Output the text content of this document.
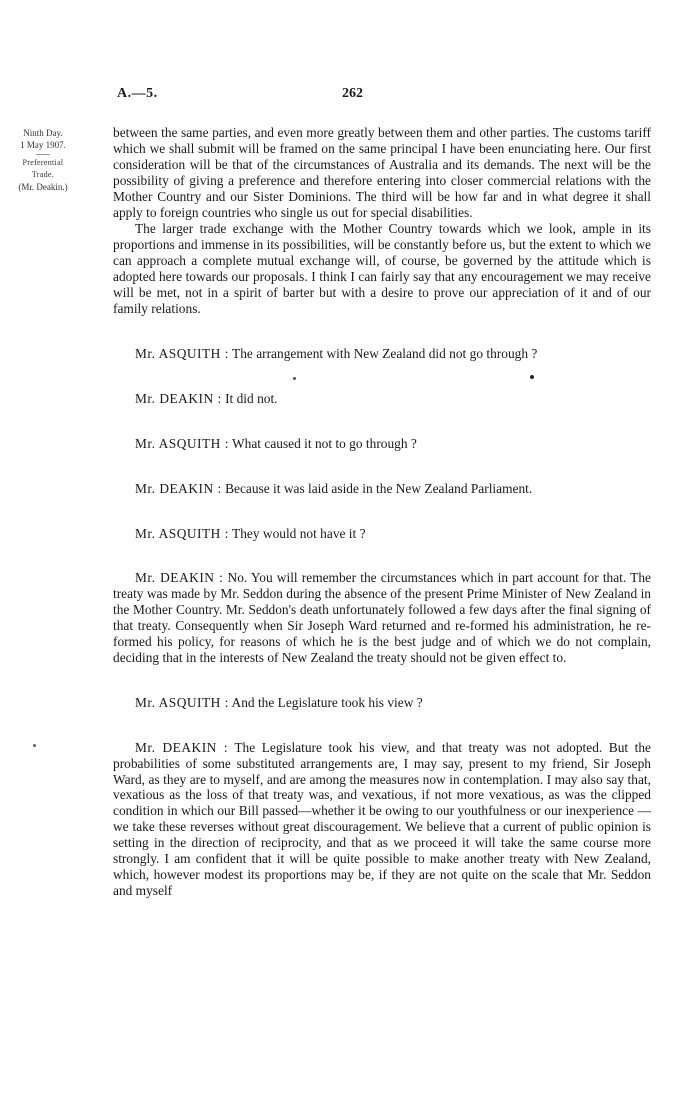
A.—5.	262
Ninth Day.
1 May 1907.
Preferential
Trade.
(Mr. Deakin.)

between the same parties, and even more greatly between them and other parties. The customs tariff which we shall submit will be framed on the same principal I have been enunciating here. Our first consideration will be that of the circumstances of Australia and its demands. The next will be the possibility of giving a preference and therefore entering into closer commercial relations with the Mother Country and our Sister Dominions. The third will be how far and in what degree it shall apply to foreign countries who single us out for special disabilities.

The larger trade exchange with the Mother Country towards which we look, ample in its proportions and immense in its possibilities, will be constantly before us, but the extent to which we can approach a complete mutual exchange will, of course, be governed by the attitude which is adopted here towards our proposals. I think I can fairly say that any encouragement we may receive will be met, not in a spirit of barter but with a desire to prove our appreciation of it and of our family relations.

Mr. ASQUITH : The arrangement with New Zealand did not go through ?

Mr. DEAKIN : It did not.

Mr. ASQUITH : What caused it not to go through ?

Mr. DEAKIN : Because it was laid aside in the New Zealand Parliament.

Mr. ASQUITH : They would not have it ?

Mr. DEAKIN : No. You will remember the circumstances which in part account for that. The treaty was made by Mr. Seddon during the absence of the present Prime Minister of New Zealand in the Mother Country. Mr. Seddon's death unfortunately followed a few days after the final signing of that treaty. Consequently when Sir Joseph Ward returned and re-formed his administration, he re-formed his policy, for reasons of which he is the best judge and of which we do not complain, deciding that in the interests of New Zealand the treaty should not be given effect to.

Mr. ASQUITH : And the Legislature took his view ?

Mr. DEAKIN : The Legislature took his view, and that treaty was not adopted. But the probabilities of some substituted arrangements are, I may say, present to my friend, Sir Joseph Ward, as they are to myself, and are among the measures now in contemplation. I may also say that, vexatious as the loss of that treaty was, and vexatious, if not more vexatious, as was the clipped condition in which our Bill passed—whether it be owing to our youthfulness or our inexperience — we take these reverses without great discouragement. We believe that a current of public opinion is setting in the direction of reciprocity, and that as we proceed it will take the same course more strongly. I am confident that it will be quite possible to make another treaty with New Zealand, which, however modest its proportions may be, if they are not quite on the scale that Mr. Seddon and myself
